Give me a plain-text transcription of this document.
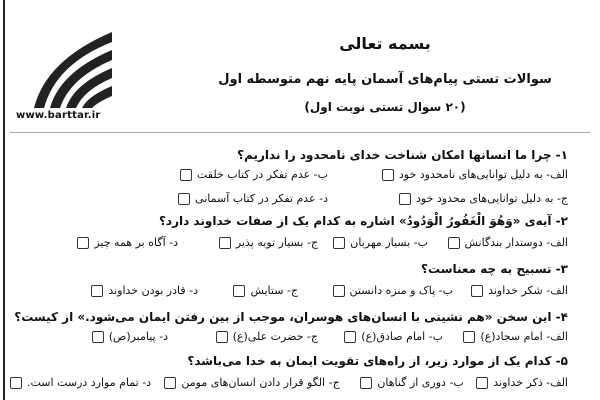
www.barttar.ir
بسمه تعالی
سوالات تستی پیام‌های آسمان پایه نهم متوسطه اول
(۲۰ سوال تستی نوبت اول)
۱- چرا ما انسانها امکان شناخت خدای نامحدود را نداریم؟
الف- به دلیل توانایی‌های نامحدود خود
ب- عدم تفکر در کتاب خلقت
ج- به دلیل توانایی‌های محدود خود
د- عدم تفکر در کتاب آسمانی
۲- آیه‌ی «وَهُوَ الْغَفُورُ الْوَدُودُ» اشاره به کدام یک از صفات خداوند دارد؟
الف- دوستدار بندگانش
ب- بسیار مهربان
ج- بسیار توبه پذیر
د- آگاه بر همه چیز
۳- تسبیح به چه معناست؟
الف- شکر خداوند
ب- پاک و منزه دانستن
ج- ستایش
د- قادر بودن خداوند
۴- این سخن «هم نشینی با انسان‌های هوسران، موجب از بین رفتن ایمان می‌شود.» از کیست؟
الف- امام سجاد(ع)
ب- امام صادق(ع)
ج- حضرت علی(ع)
د- پیامبر(ص)
۵- کدام یک از موارد زیر، از راه‌های تقویت ایمان به خدا می‌باشد؟
الف- ذکر خداوند
ب- دوری از گناهان
ج- الگو قرار دادن انسان‌های مومن
د- تمام موارد درست است.
